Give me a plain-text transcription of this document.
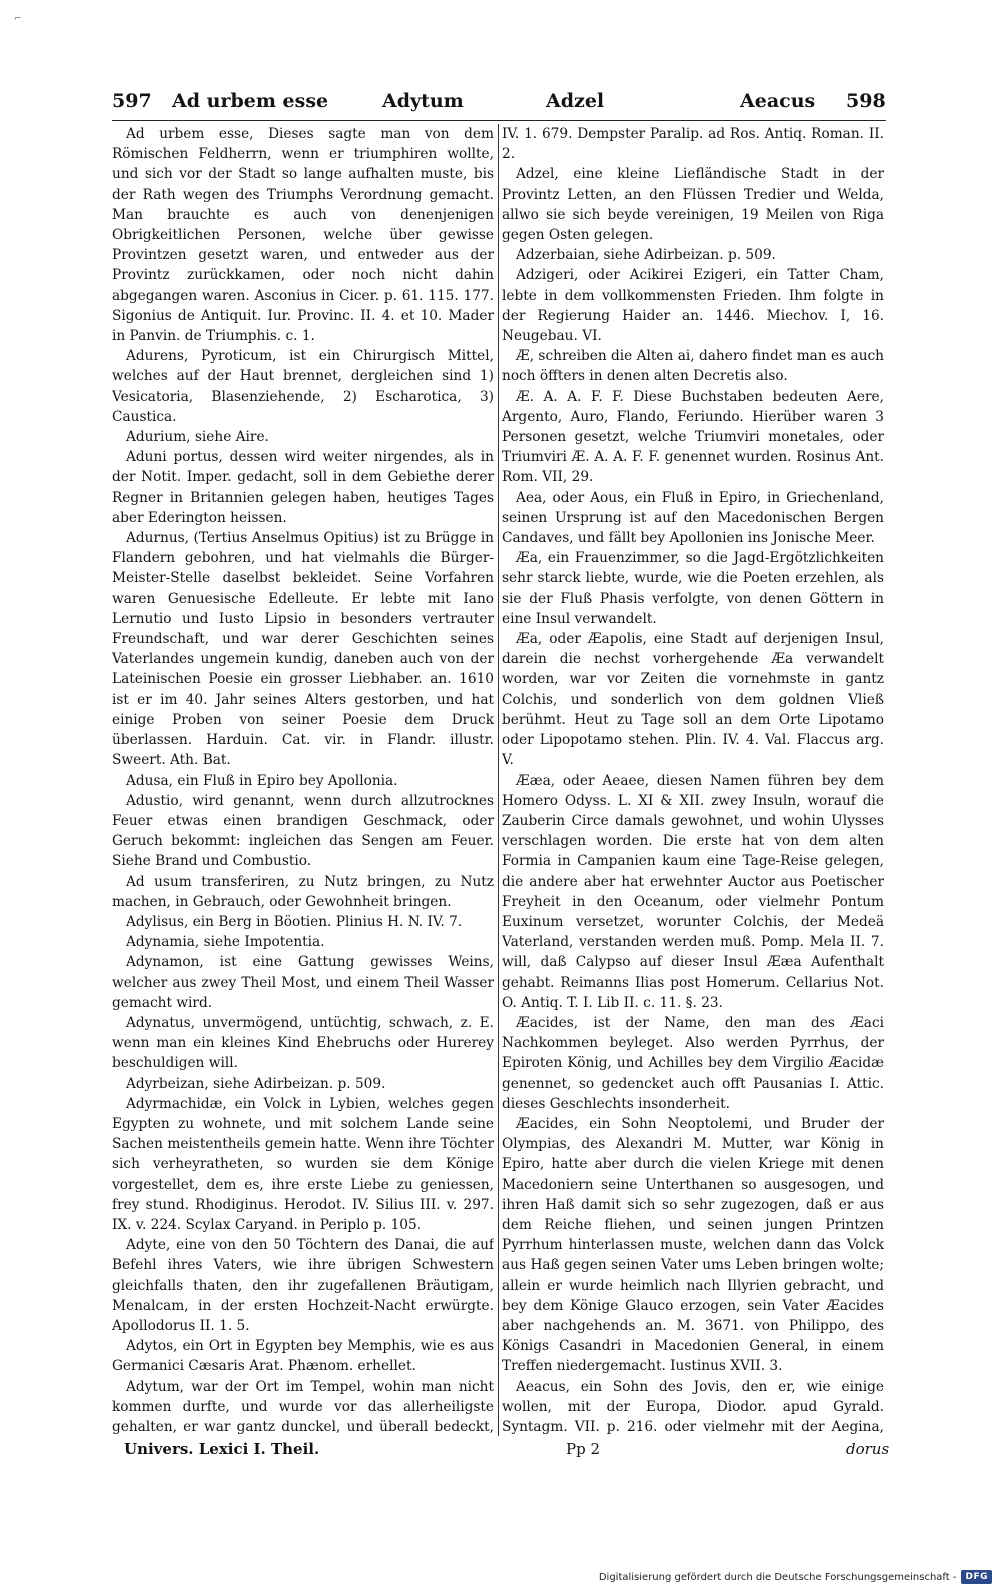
⌐
597 Ad urbem esse	Adytum	Adzel	Aeacus 598

Ad urbem esse, Dieses sagte man von dem Römischen Feldherrn, wenn er triumphiren wollte, und sich vor der Stadt so lange aufhalten muste, bis der Rath wegen des Triumphs Verordnung gemacht. Man brauchte es auch von denenjenigen Obrigkeitlichen Personen, welche über gewisse Provintzen gesetzt waren, und entweder aus der Provintz zurückkamen, oder noch nicht dahin abgegangen waren. Asconius in Cicer. p. 61. 115. 177. Sigonius de Antiquit. Iur. Provinc. II. 4. et 10. Mader in Panvin. de Triumphis. c. 1.

Adurens, Pyroticum, ist ein Chirurgisch Mittel, welches auf der Haut brennet, dergleichen sind 1) Vesicatoria, Blasenziehende, 2) Escharotica, 3) Caustica.

Adurium, siehe Aire.

Aduni portus, dessen wird weiter nirgendes, als in der Notit. Imper. gedacht, soll in dem Gebiethe derer Regner in Britannien gelegen haben, heutiges Tages aber Ederington heissen.

Adurnus, (Tertius Anselmus Opitius) ist zu Brügge in Flandern gebohren, und hat vielmahls die Bürger-Meister-Stelle daselbst bekleidet. Seine Vorfahren waren Genuesische Edelleute. Er lebte mit Iano Lernutio und Iusto Lipsio in besonders vertrauter Freundschaft, und war derer Geschichten seines Vaterlandes ungemein kundig, daneben auch von der Lateinischen Poesie ein grosser Liebhaber. an. 1610 ist er im 40. Jahr seines Alters gestorben, und hat einige Proben von seiner Poesie dem Druck überlassen. Harduin. Cat. vir. in Flandr. illustr. Sweert. Ath. Bat.

Adusa, ein Fluß in Epiro bey Apollonia.

Adustio, wird genannt, wenn durch allzutrocknes Feuer etwas einen brandigen Geschmack, oder Geruch bekommt: ingleichen das Sengen am Feuer. Siehe Brand und Combustio.

Ad usum transferiren, zu Nutz bringen, zu Nutz machen, in Gebrauch, oder Gewohnheit bringen.

Adylisus, ein Berg in Böotien. Plinius H. N. IV. 7.

Adynamia, siehe Impotentia.

Adynamon, ist eine Gattung gewisses Weins, welcher aus zwey Theil Most, und einem Theil Wasser gemacht wird.

Adynatus, unvermögend, untüchtig, schwach, z. E. wenn man ein kleines Kind Ehebruchs oder Hurerey beschuldigen will.

Adyrbeizan, siehe Adirbeizan. p. 509.

Adyrmachidæ, ein Volck in Lybien, welches gegen Egypten zu wohnete, und mit solchem Lande seine Sachen meistentheils gemein hatte. Wenn ihre Töchter sich verheyratheten, so wurden sie dem Könige vorgestellet, dem es, ihre erste Liebe zu geniessen, frey stund. Rhodiginus. Herodot. IV. Silius III. v. 297. IX. v. 224. Scylax Caryand. in Periplo p. 105.

Adyte, eine von den 50 Töchtern des Danai, die auf Befehl ihres Vaters, wie ihre übrigen Schwestern gleichfalls thaten, den ihr zugefallenen Bräutigam, Menalcam, in der ersten Hochzeit-Nacht erwürgte. Apollodorus II. 1. 5.

Adytos, ein Ort in Egypten bey Memphis, wie es aus Germanici Cæsaris Arat. Phænom. erhellet.

Adytum, war der Ort im Tempel, wohin man nicht kommen durfte, und wurde vor das allerheiligste gehalten, er war gantz dunckel, und überall bedeckt,

IV. 1. 679. Dempster Paralip. ad Ros. Antiq. Roman. II. 2.

Adzel, eine kleine Liefländische Stadt in der Provintz Letten, an den Flüssen Tredier und Welda, allwo sie sich beyde vereinigen, 19 Meilen von Riga gegen Osten gelegen.

Adzerbaian, siehe Adirbeizan. p. 509.

Adzigeri, oder Acikirei Ezigeri, ein Tatter Cham, lebte in dem vollkommensten Frieden. Ihm folgte in der Regierung Haider an. 1446. Miechov. I, 16. Neugebau. VI.

Æ, schreiben die Alten ai, dahero findet man es auch noch öffters in denen alten Decretis also.

Æ. A. A. F. F. Diese Buchstaben bedeuten Aere, Argento, Auro, Flando, Feriundo. Hierüber waren 3 Personen gesetzt, welche Triumviri monetales, oder Triumviri Æ. A. A. F. F. genennet wurden. Rosinus Ant. Rom. VII, 29.

Aea, oder Aous, ein Fluß in Epiro, in Griechenland, seinen Ursprung ist auf den Macedonischen Bergen Candaves, und fällt bey Apollonien ins Jonische Meer.

Æa, ein Frauenzimmer, so die Jagd-Ergötzlichkeiten sehr starck liebte, wurde, wie die Poeten erzehlen, als sie der Fluß Phasis verfolgte, von denen Göttern in eine Insul verwandelt.

Æa, oder Æapolis, eine Stadt auf derjenigen Insul, darein die nechst vorhergehende Æa verwandelt worden, war vor Zeiten die vornehmste in gantz Colchis, und sonderlich von dem goldnen Vließ berühmt. Heut zu Tage soll an dem Orte Lipotamo oder Lipopotamo stehen. Plin. IV. 4. Val. Flaccus arg. V.

Ææa, oder Aeaee, diesen Namen führen bey dem Homero Odyss. L. XI & XII. zwey Insuln, worauf die Zauberin Circe damals gewohnet, und wohin Ulysses verschlagen worden. Die erste hat von dem alten Formia in Campanien kaum eine Tage-Reise gelegen, die andere aber hat erwehnter Auctor aus Poetischer Freyheit in den Oceanum, oder vielmehr Pontum Euxinum versetzet, worunter Colchis, der Medeä Vaterland, verstanden werden muß. Pomp. Mela II. 7. will, daß Calypso auf dieser Insul Ææa Aufenthalt gehabt. Reimanns Ilias post Homerum. Cellarius Not. O. Antiq. T. I. Lib II. c. 11. §. 23.

Æacides, ist der Name, den man des Æaci Nachkommen beyleget. Also werden Pyrrhus, der Epiroten König, und Achilles bey dem Virgilio Æacidæ genennet, so gedencket auch offt Pausanias I. Attic. dieses Geschlechts insonderheit.

Æacides, ein Sohn Neoptolemi, und Bruder der Olympias, des Alexandri M. Mutter, war König in Epiro, hatte aber durch die vielen Kriege mit denen Macedoniern seine Unterthanen so ausgesogen, und ihren Haß damit sich so sehr zugezogen, daß er aus dem Reiche fliehen, und seinen jungen Printzen Pyrrhum hinterlassen muste, welchen dann das Volck aus Haß gegen seinen Vater ums Leben bringen wolte; allein er wurde heimlich nach Illyrien gebracht, und bey dem Könige Glauco erzogen, sein Vater Æacides aber nachgehends an. M. 3671. von Philippo, des Königs Casandri in Macedonien General, in einem Treffen niedergemacht. Iustinus XVII. 3.

Aeacus, ein Sohn des Jovis, den er, wie einige wollen, mit der Europa, Diodor. apud Gyrald. Syntagm. VII. p. 216. oder vielmehr mit der Aegina,

Univers. Lexici I. Theil.	Pp 2	dorus
Digitalisierung gefördert durch die Deutsche Forschungsgemeinschaft -	DFG
